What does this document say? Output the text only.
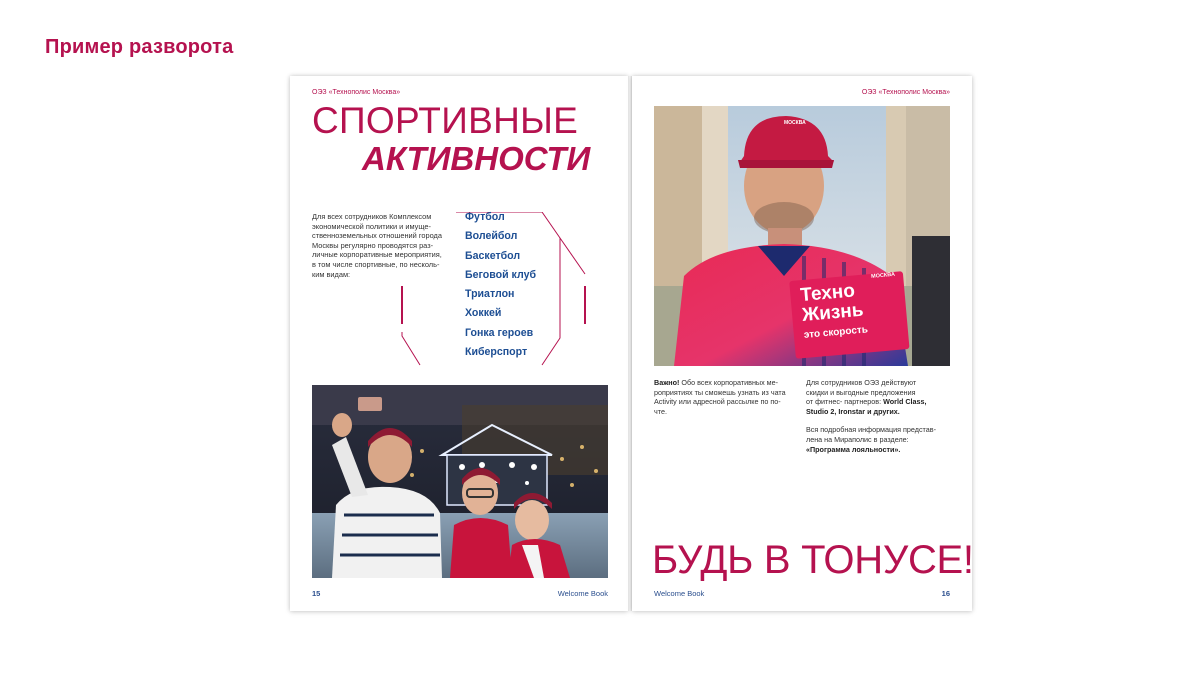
Пример разворота
ОЭЗ «Технополис Москва»
СПОРТИВНЫЕ
АКТИВНОСТИ
Для всех сотрудников Комплексом
экономической политики и имуще-
ственноземельных отношений города
Москвы регулярно проводятся раз-
личные корпоративные мероприятия,
в том числе спортивные, по несколь-
ким видам:
Футбол
Волейбол
Баскетбол
Беговой клуб
Триатлон
Хоккей
Гонка героев
Киберспорт
15	Welcome Book
ОЭЗ «Технополис Москва»
МОСКВА
Техно
Жизнь
это скорость
МОСКВА
Важно! Обо всех корпоративных ме-
роприятиях ты сможешь узнать из чата
Activity или адресной рассылке по по-
чте.
Для сотрудников ОЭЗ действуют
скидки и выгодные предложения
от фитнес- партнеров: World Class,
Studio 2, Ironstar и других.

Вся подробная информация представ-
лена на Мираполис в разделе:
«Программа лояльности».
БУДЬ В ТОНУСЕ!
Welcome Book	16
